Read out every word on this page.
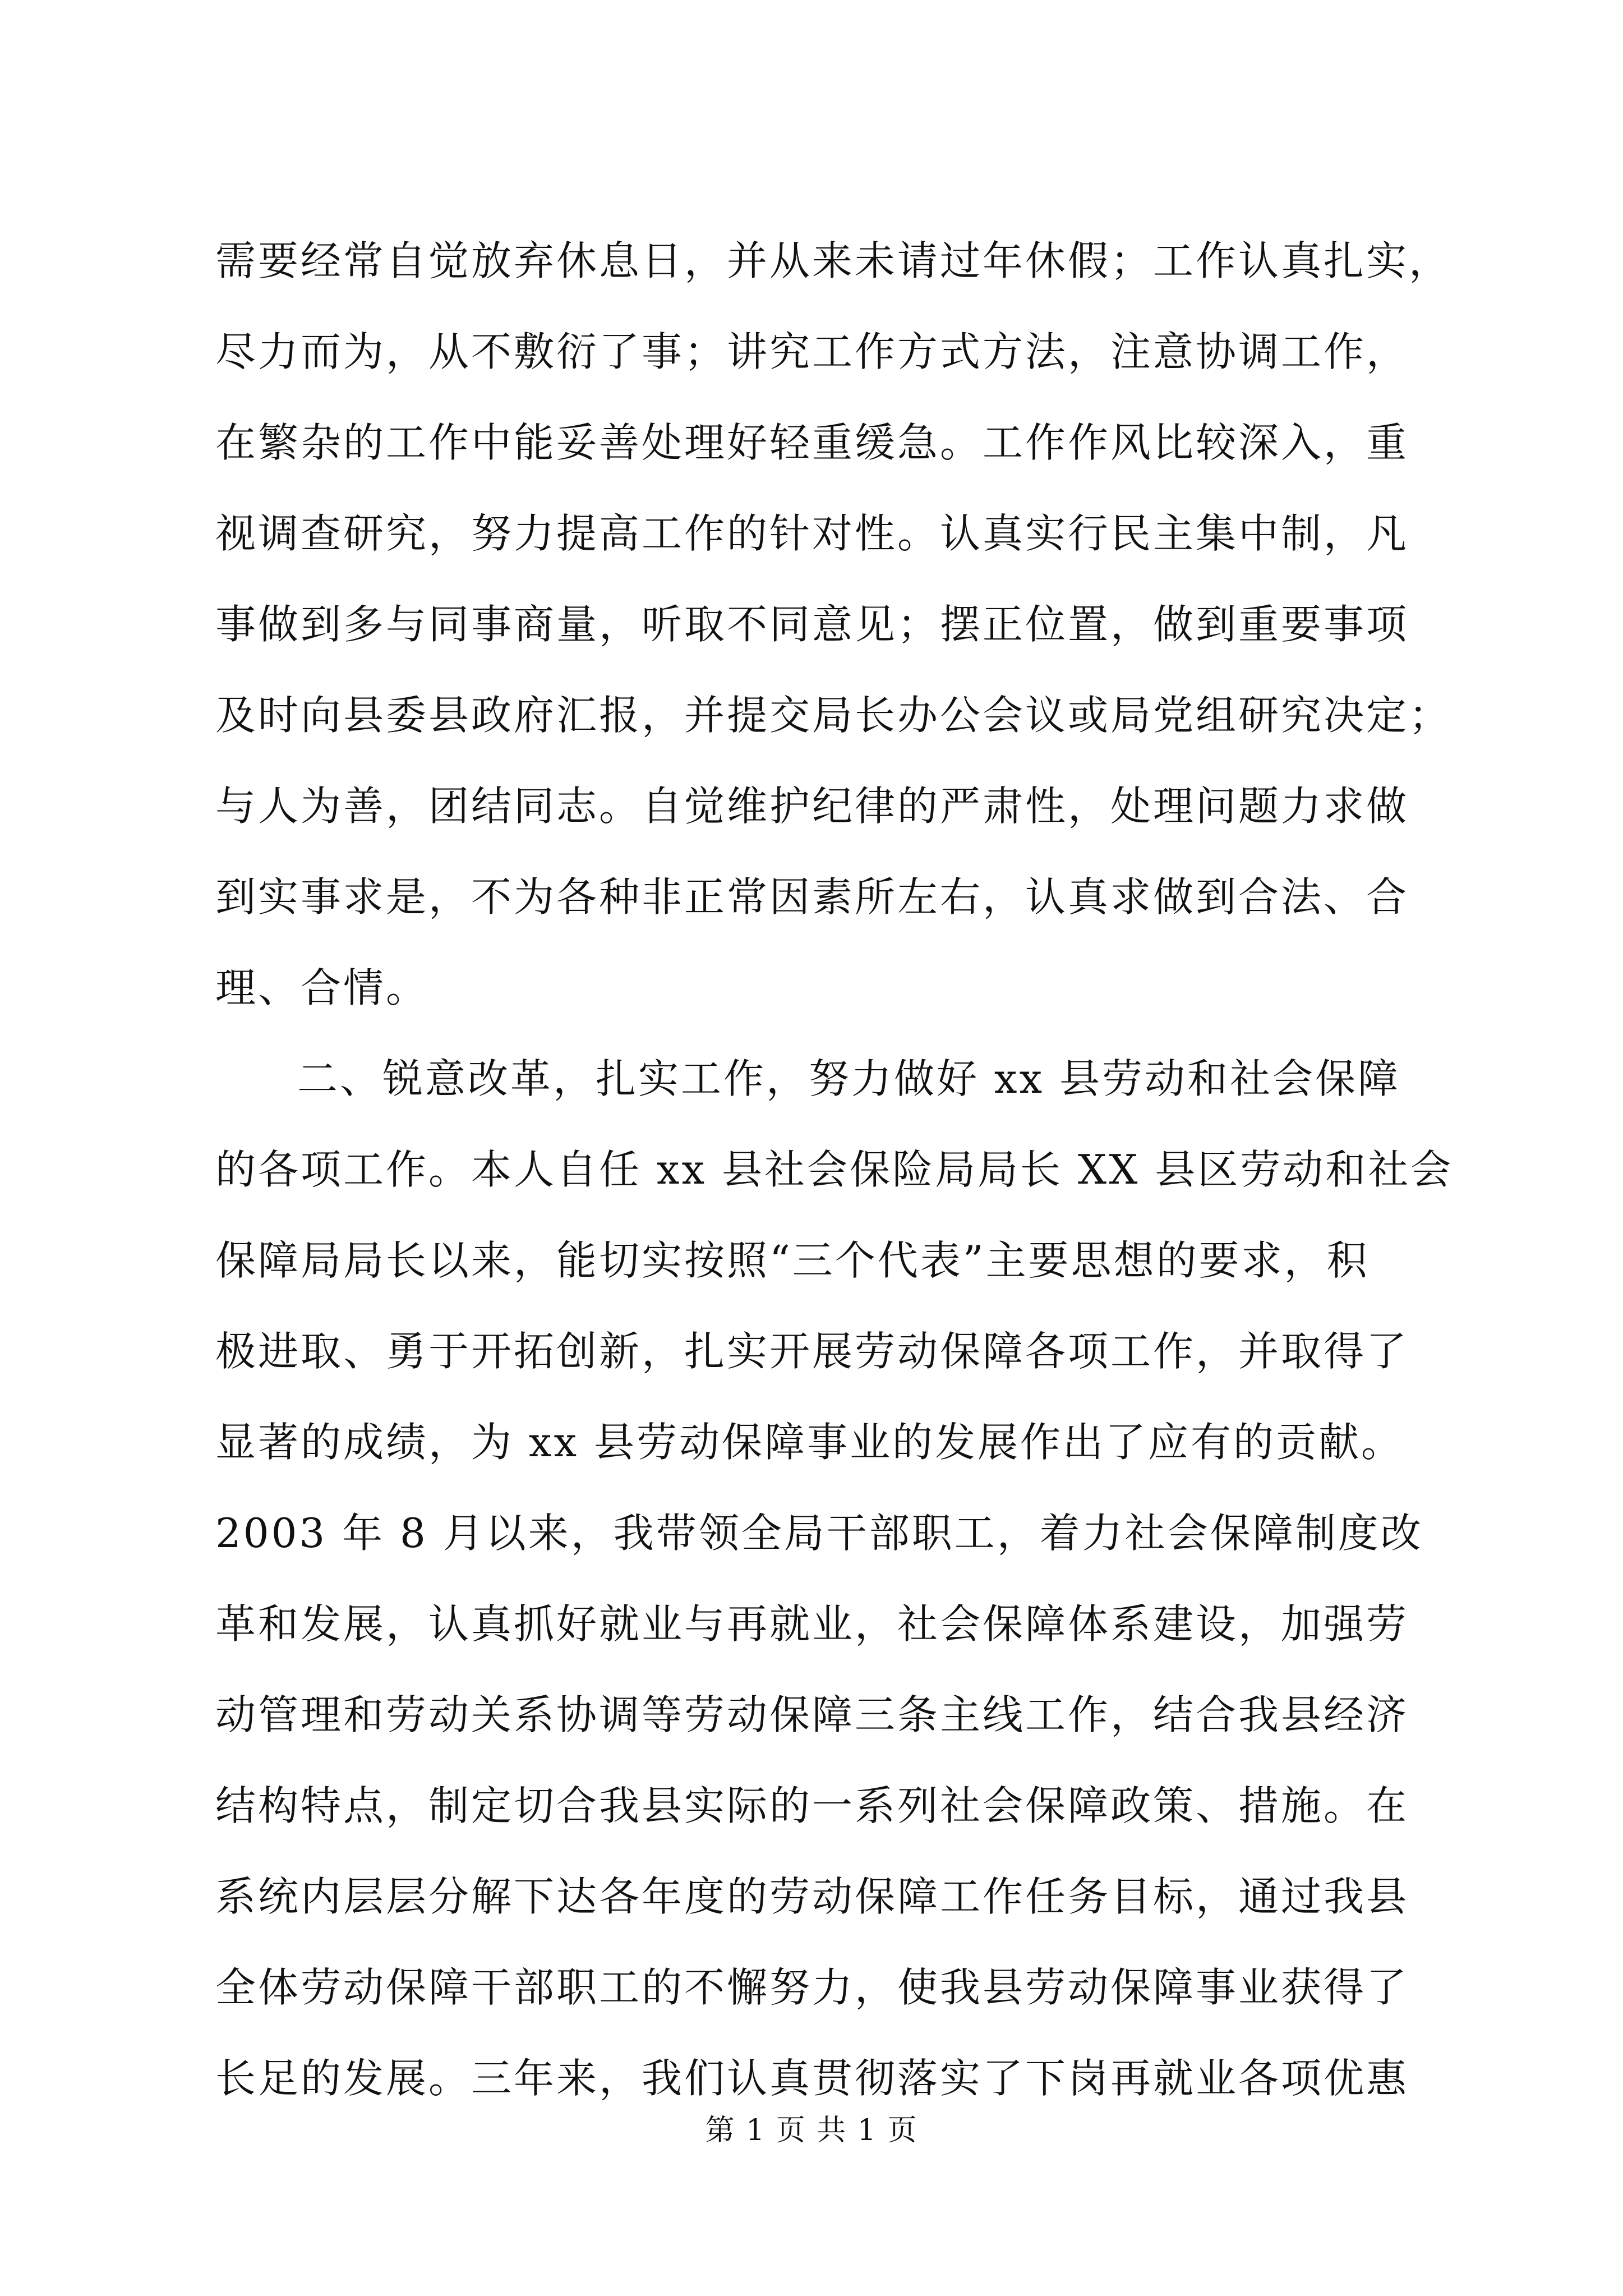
需要经常自觉放弃休息日，并从来未请过年休假；工作认真扎实，
尽力而为，从不敷衍了事；讲究工作方式方法，注意协调工作，
在繁杂的工作中能妥善处理好轻重缓急。工作作风比较深入，重
视调查研究，努力提高工作的针对性。认真实行民主集中制，凡
事做到多与同事商量，听取不同意见；摆正位置，做到重要事项
及时向县委县政府汇报，并提交局长办公会议或局党组研究决定；
与人为善，团结同志。自觉维护纪律的严肃性，处理问题力求做
到实事求是，不为各种非正常因素所左右，认真求做到合法、合
理、合情。
二、锐意改革，扎实工作，努力做好 xx 县劳动和社会保障
的各项工作。本人自任 xx 县社会保险局局长 XX 县区劳动和社会
保障局局长以来，能切实按照“三个代表”主要思想的要求，积
极进取、勇于开拓创新，扎实开展劳动保障各项工作，并取得了
显著的成绩，为 xx 县劳动保障事业的发展作出了应有的贡献。
2003 年 8 月以来，我带领全局干部职工，着力社会保障制度改
革和发展，认真抓好就业与再就业，社会保障体系建设，加强劳
动管理和劳动关系协调等劳动保障三条主线工作，结合我县经济
结构特点，制定切合我县实际的一系列社会保障政策、措施。在
系统内层层分解下达各年度的劳动保障工作任务目标，通过我县
全体劳动保障干部职工的不懈努力，使我县劳动保障事业获得了
长足的发展。三年来，我们认真贯彻落实了下岗再就业各项优惠
第 1 页 共 1 页
